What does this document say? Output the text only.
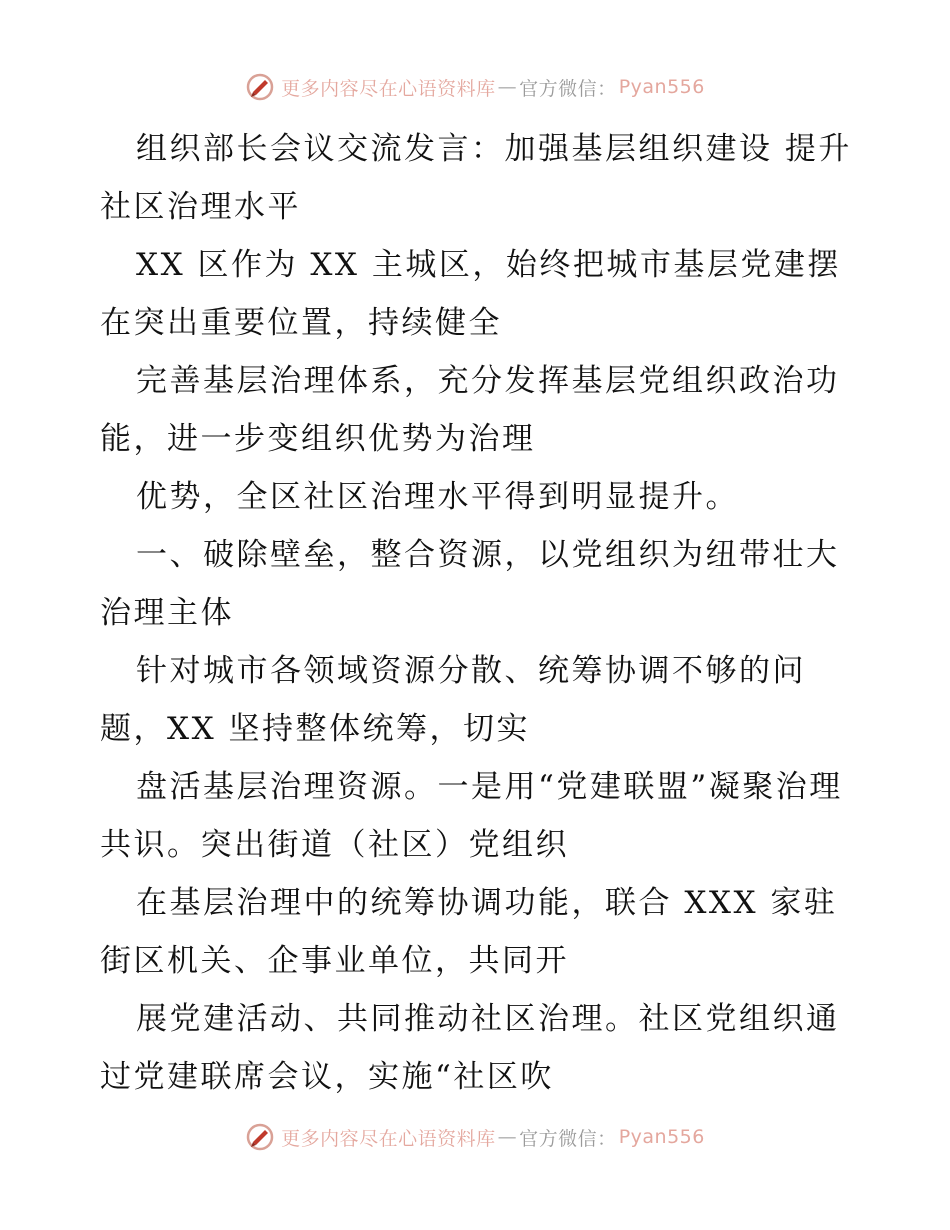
更多内容尽在心语资料库 — 官方微信： Pyan556

组织部长会议交流发言：加强基层组织建设 提升社区治理水平

XX 区作为 XX 主城区，始终把城市基层党建摆在突出重要位置，持续健全

完善基层治理体系，充分发挥基层党组织政治功能，进一步变组织优势为治理

优势，全区社区治理水平得到明显提升。

一、破除壁垒，整合资源，以党组织为纽带壮大治理主体

针对城市各领域资源分散、统筹协调不够的问题，XX 坚持整体统筹，切实

盘活基层治理资源。一是用“党建联盟”凝聚治理共识。突出街道（社区）党组织

在基层治理中的统筹协调功能，联合 XXX 家驻街区机关、企事业单位，共同开

展党建活动、共同推动社区治理。社区党组织通过党建联席会议，实施“社区吹

更多内容尽在心语资料库 — 官方微信： Pyan556
